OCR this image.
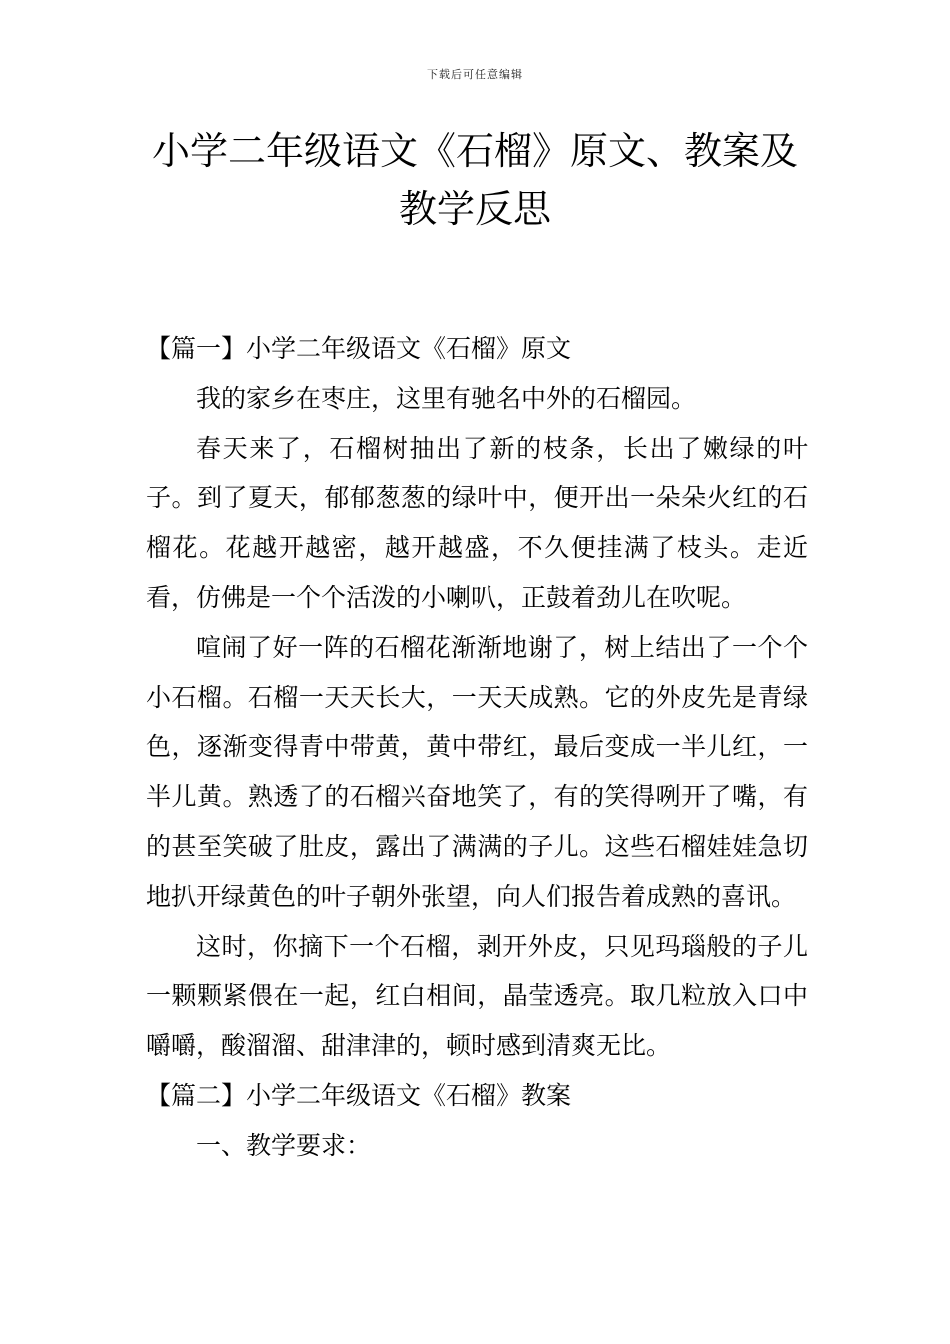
下载后可任意编辑
小学二年级语文《石榴》原文、教案及教学反思

【篇一】小学二年级语文《石榴》原文

我的家乡在枣庄，这里有驰名中外的石榴园。

春天来了，石榴树抽出了新的枝条，长出了嫩绿的叶子。到了夏天，郁郁葱葱的绿叶中，便开出一朵朵火红的石榴花。花越开越密，越开越盛，不久便挂满了枝头。走近看，仿佛是一个个活泼的小喇叭，正鼓着劲儿在吹呢。

喧闹了好一阵的石榴花渐渐地谢了，树上结出了一个个小石榴。石榴一天天长大，一天天成熟。它的外皮先是青绿色，逐渐变得青中带黄，黄中带红，最后变成一半儿红，一半儿黄。熟透了的石榴兴奋地笑了，有的笑得咧开了嘴，有的甚至笑破了肚皮，露出了满满的子儿。这些石榴娃娃急切地扒开绿黄色的叶子朝外张望，向人们报告着成熟的喜讯。

这时，你摘下一个石榴，剥开外皮，只见玛瑙般的子儿一颗颗紧偎在一起，红白相间，晶莹透亮。取几粒放入口中嚼嚼，酸溜溜、甜津津的，顿时感到清爽无比。

【篇二】小学二年级语文《石榴》教案

一、教学要求：
